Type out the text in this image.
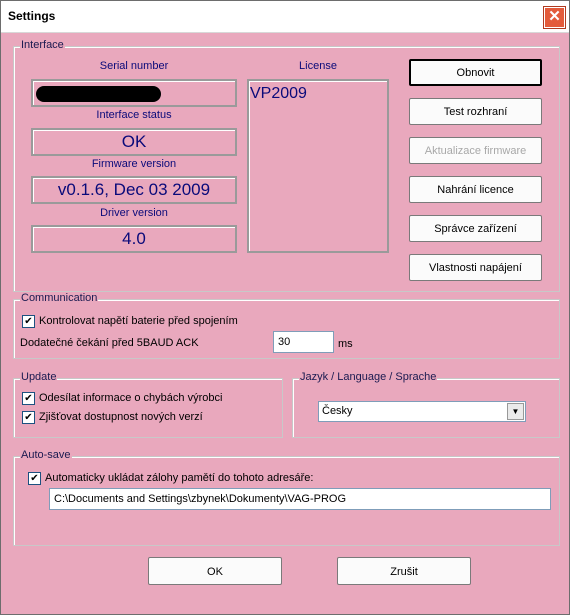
Settings	✕
Interface
Serial number
Interface status
OK
Firmware version
v0.1.6, Dec 03 2009
Driver version
4.0
License
VP2009
Obnovit
Test rozhraní
Aktualizace firmware
Nahrání licence
Správce zařízení
Vlastnosti napájení
Communication
✔ Kontrolovat napětí baterie před spojením
Dodatečné čekání před 5BAUD ACK
30	ms
Update
✔ Odesílat informace o chybách výrobci
✔ Zjišťovat dostupnost nových verzí
Jazyk / Language / Sprache
Česky	▼
Auto-save
✔ Automaticky ukládat zálohy pamětí do tohoto adresáře:
C:\Documents and Settings\zbynek\Dokumenty\VAG-PROG
OK	Zrušit
